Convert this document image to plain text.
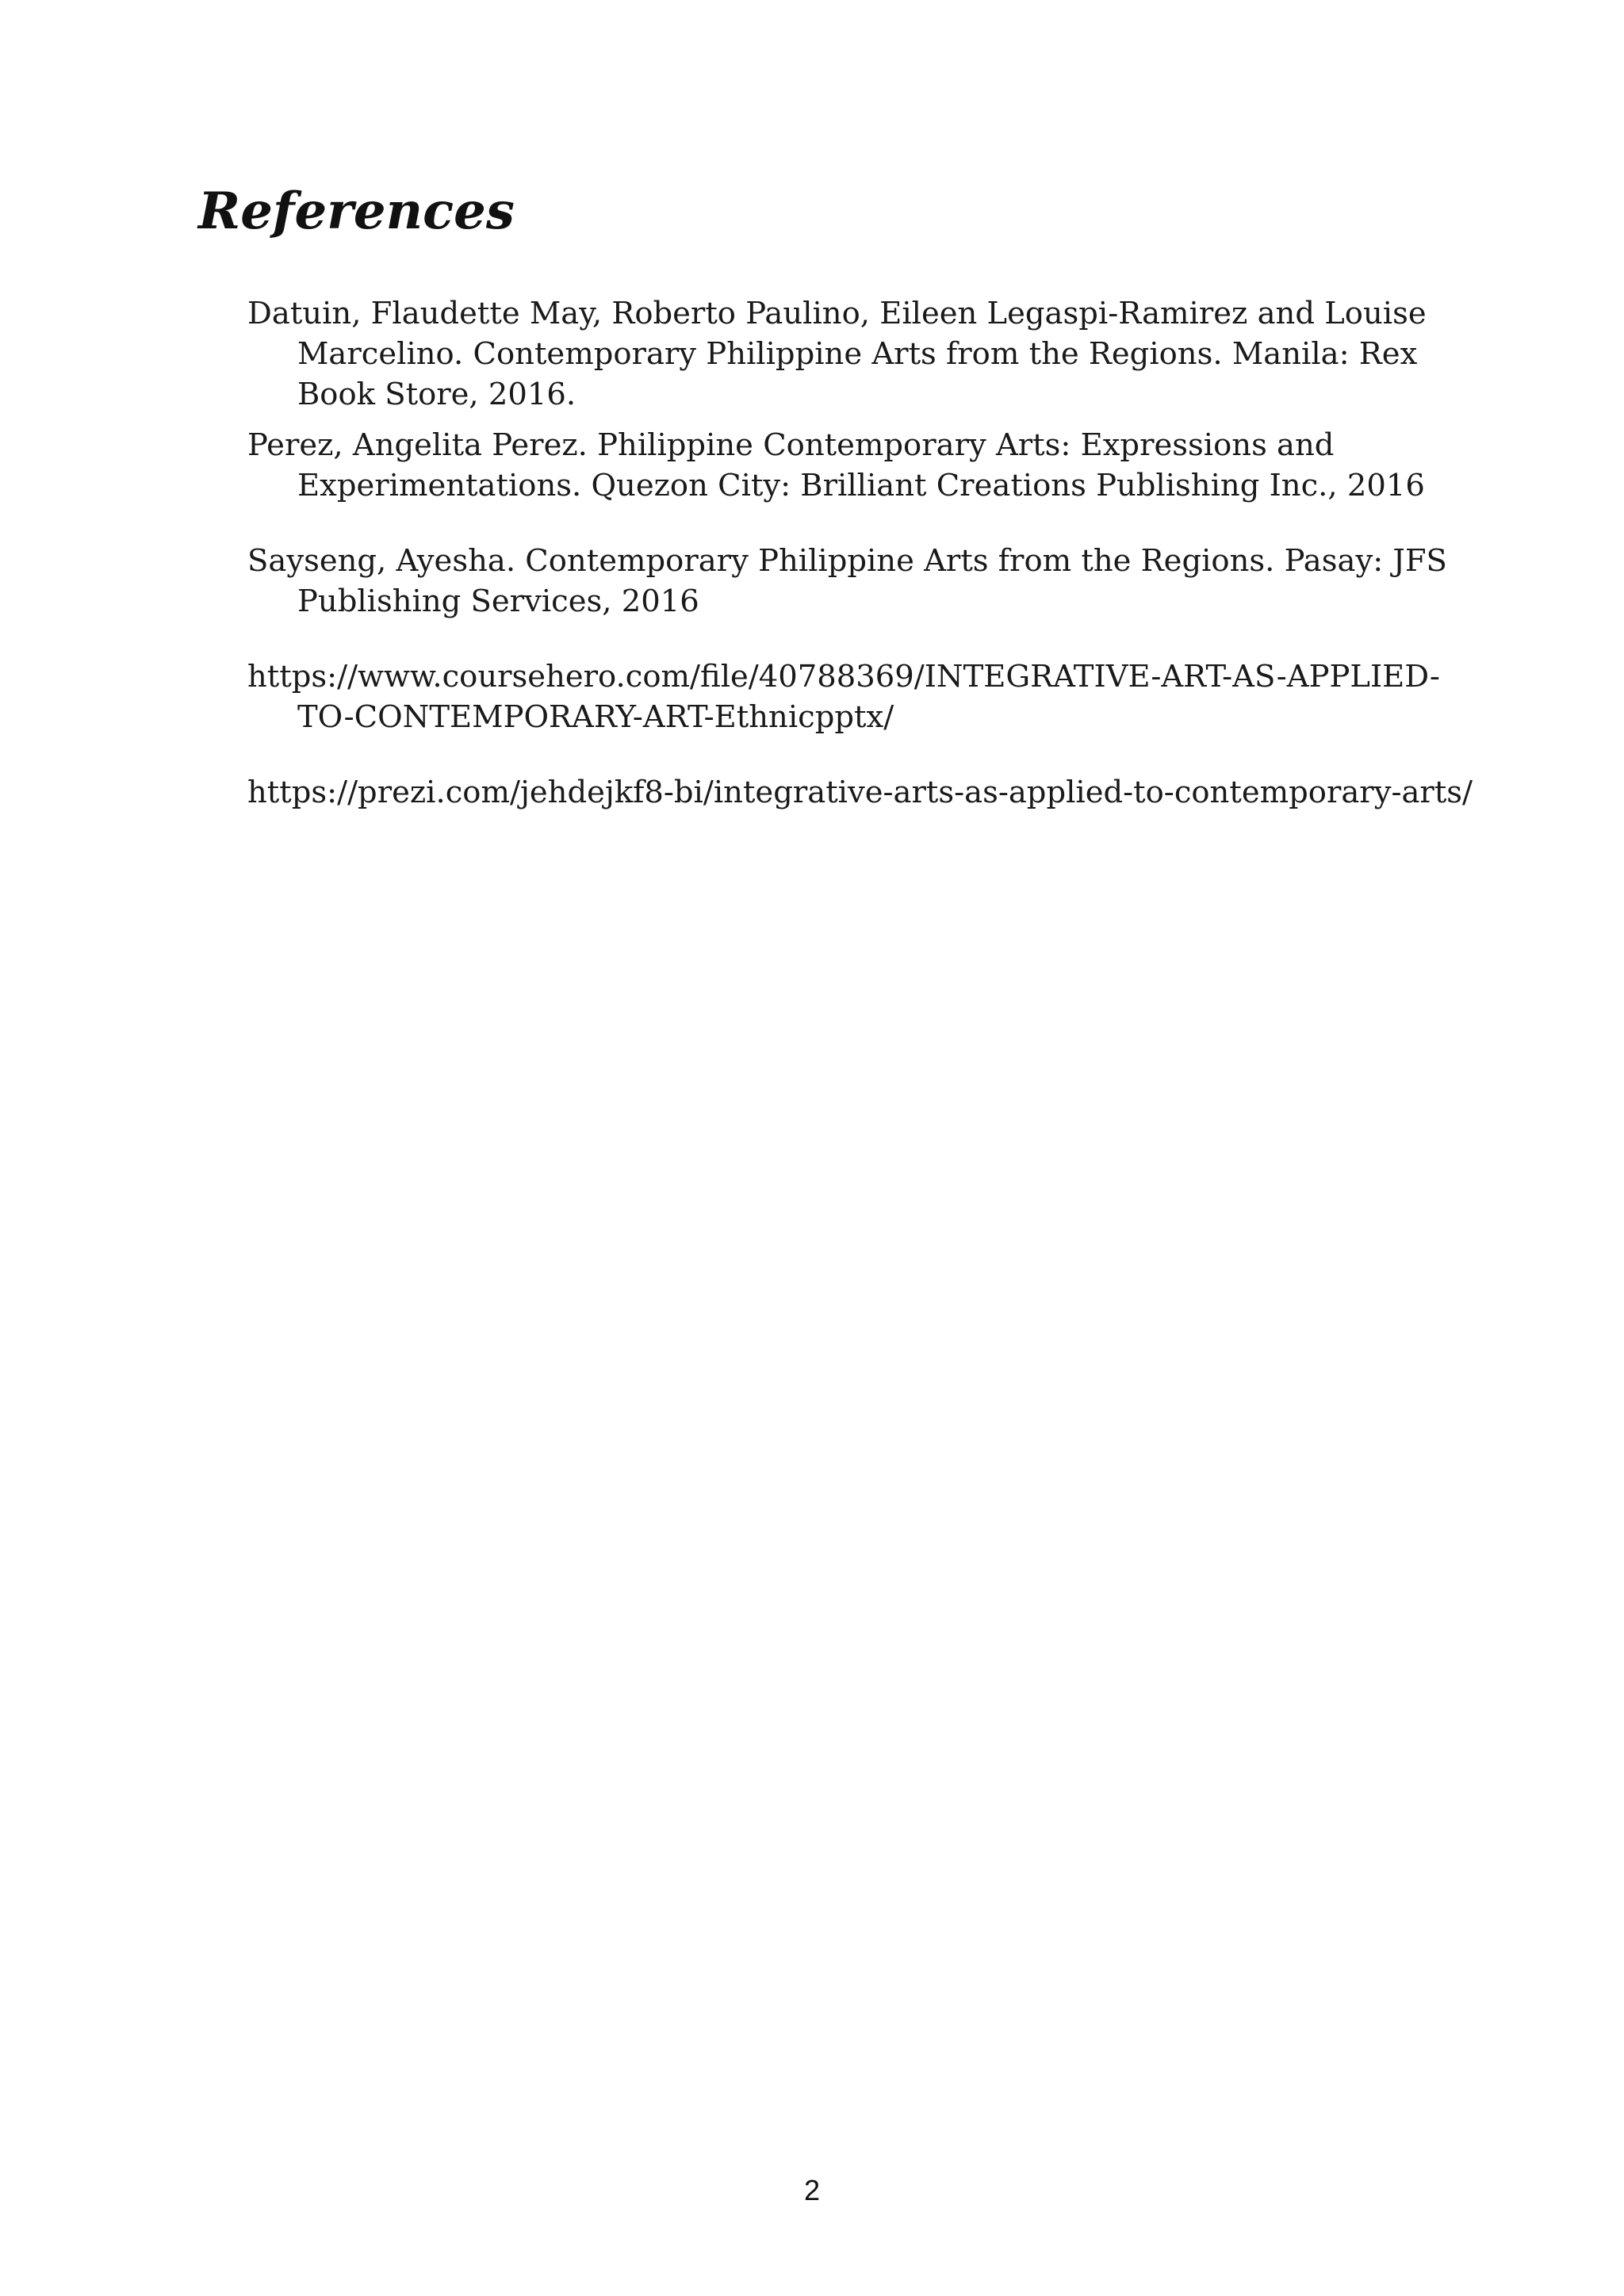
References
Datuin, Flaudette May, Roberto Paulino, Eileen Legaspi-Ramirez and Louise Marcelino. Contemporary Philippine Arts from the Regions. Manila: Rex Book Store, 2016.
Perez, Angelita Perez. Philippine Contemporary Arts: Expressions and Experimentations. Quezon City: Brilliant Creations Publishing Inc., 2016
Sayseng, Ayesha. Contemporary Philippine Arts from the Regions. Pasay: JFS Publishing Services, 2016
https://www.coursehero.com/file/40788369/INTEGRATIVE-ART-AS-APPLIED-TO-CONTEMPORARY-ART-Ethnicpptx/
https://prezi.com/jehdejkf8-bi/integrative-arts-as-applied-to-contemporary-arts/

2
